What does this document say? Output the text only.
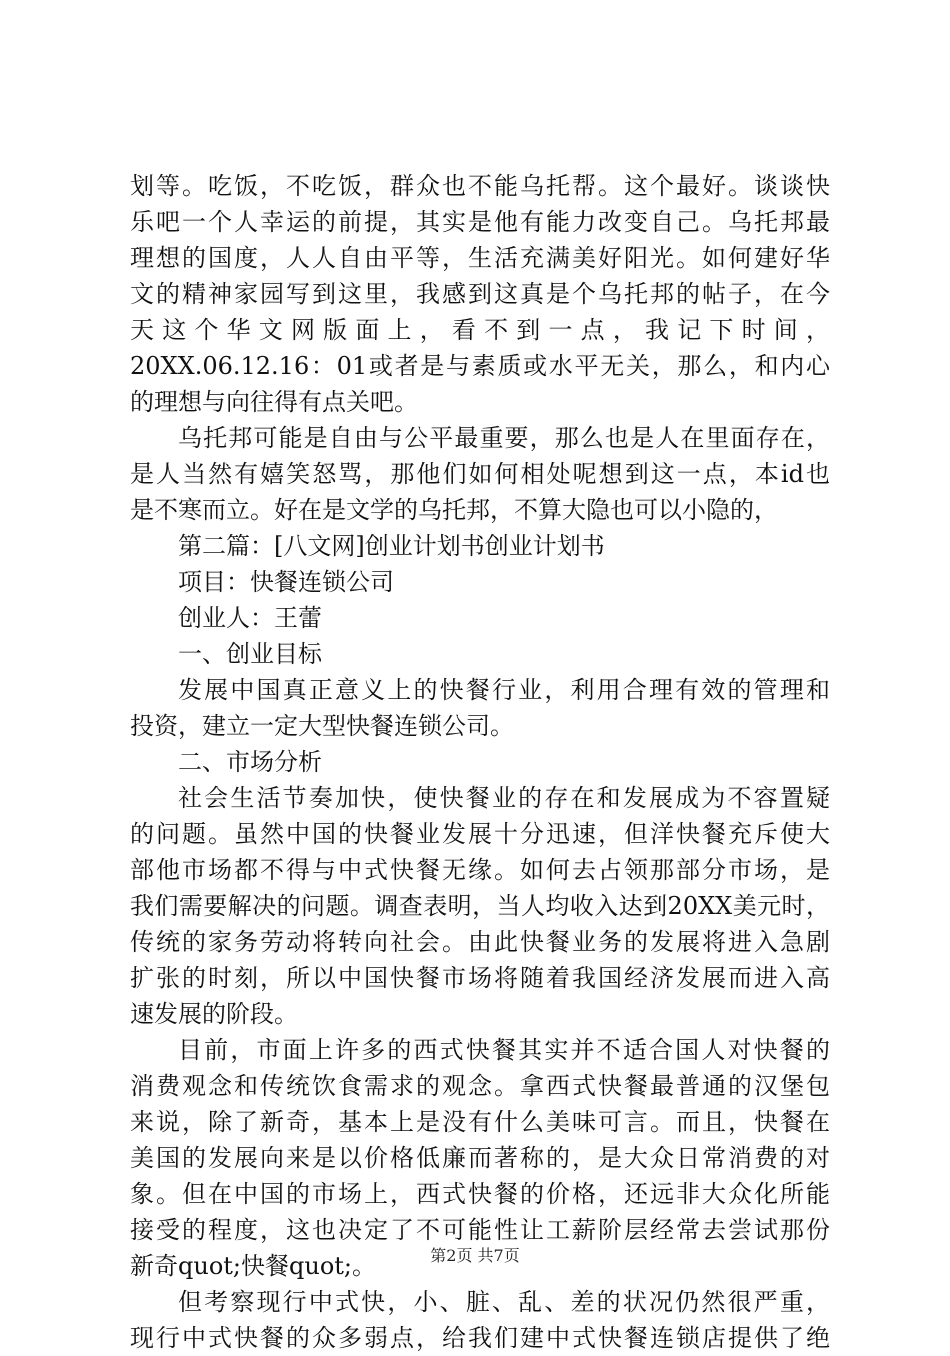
划等。吃饭，不吃饭，群众也不能乌托帮。这个最好。谈谈快
乐吧一个人幸运的前提，其实是他有能力改变自己。乌托邦最
理想的国度，人人自由平等，生活充满美好阳光。如何建好华
文的精神家园写到这里，我感到这真是个乌托邦的帖子，在今
天这个华文网版面上，看不到一点，我记下时间，
20XX.06.12.16：01或者是与素质或水平无关，那么，和内心
的理想与向往得有点关吧。
乌托邦可能是自由与公平最重要，那么也是人在里面存在，
是人当然有嬉笑怒骂，那他们如何相处呢想到这一点，本id也
是不寒而立。好在是文学的乌托邦，不算大隐也可以小隐的，
第二篇：[八文网]创业计划书创业计划书
项目：快餐连锁公司
创业人：王蕾
一、创业目标
发展中国真正意义上的快餐行业，利用合理有效的管理和
投资，建立一定大型快餐连锁公司。
二、市场分析
社会生活节奏加快，使快餐业的存在和发展成为不容置疑
的问题。虽然中国的快餐业发展十分迅速，但洋快餐充斥使大
部他市场都不得与中式快餐无缘。如何去占领那部分市场，是
我们需要解决的问题。调查表明，当人均收入达到20XX美元时，
传统的家务劳动将转向社会。由此快餐业务的发展将进入急剧
扩张的时刻，所以中国快餐市场将随着我国经济发展而进入高
速发展的阶段。
目前，市面上许多的西式快餐其实并不适合国人对快餐的
消费观念和传统饮食需求的观念。拿西式快餐最普通的汉堡包
来说，除了新奇，基本上是没有什么美味可言。而且，快餐在
美国的发展向来是以价格低廉而著称的，是大众日常消费的对
象。但在中国的市场上，西式快餐的价格，还远非大众化所能
接受的程度，这也决定了不可能性让工薪阶层经常去尝试那份
新奇quot;快餐quot;。
但考察现行中式快，小、脏、乱、差的状况仍然很严重，
现行中式快餐的众多弱点，给我们建中式快餐连锁店提供了绝
第2页 共7页
